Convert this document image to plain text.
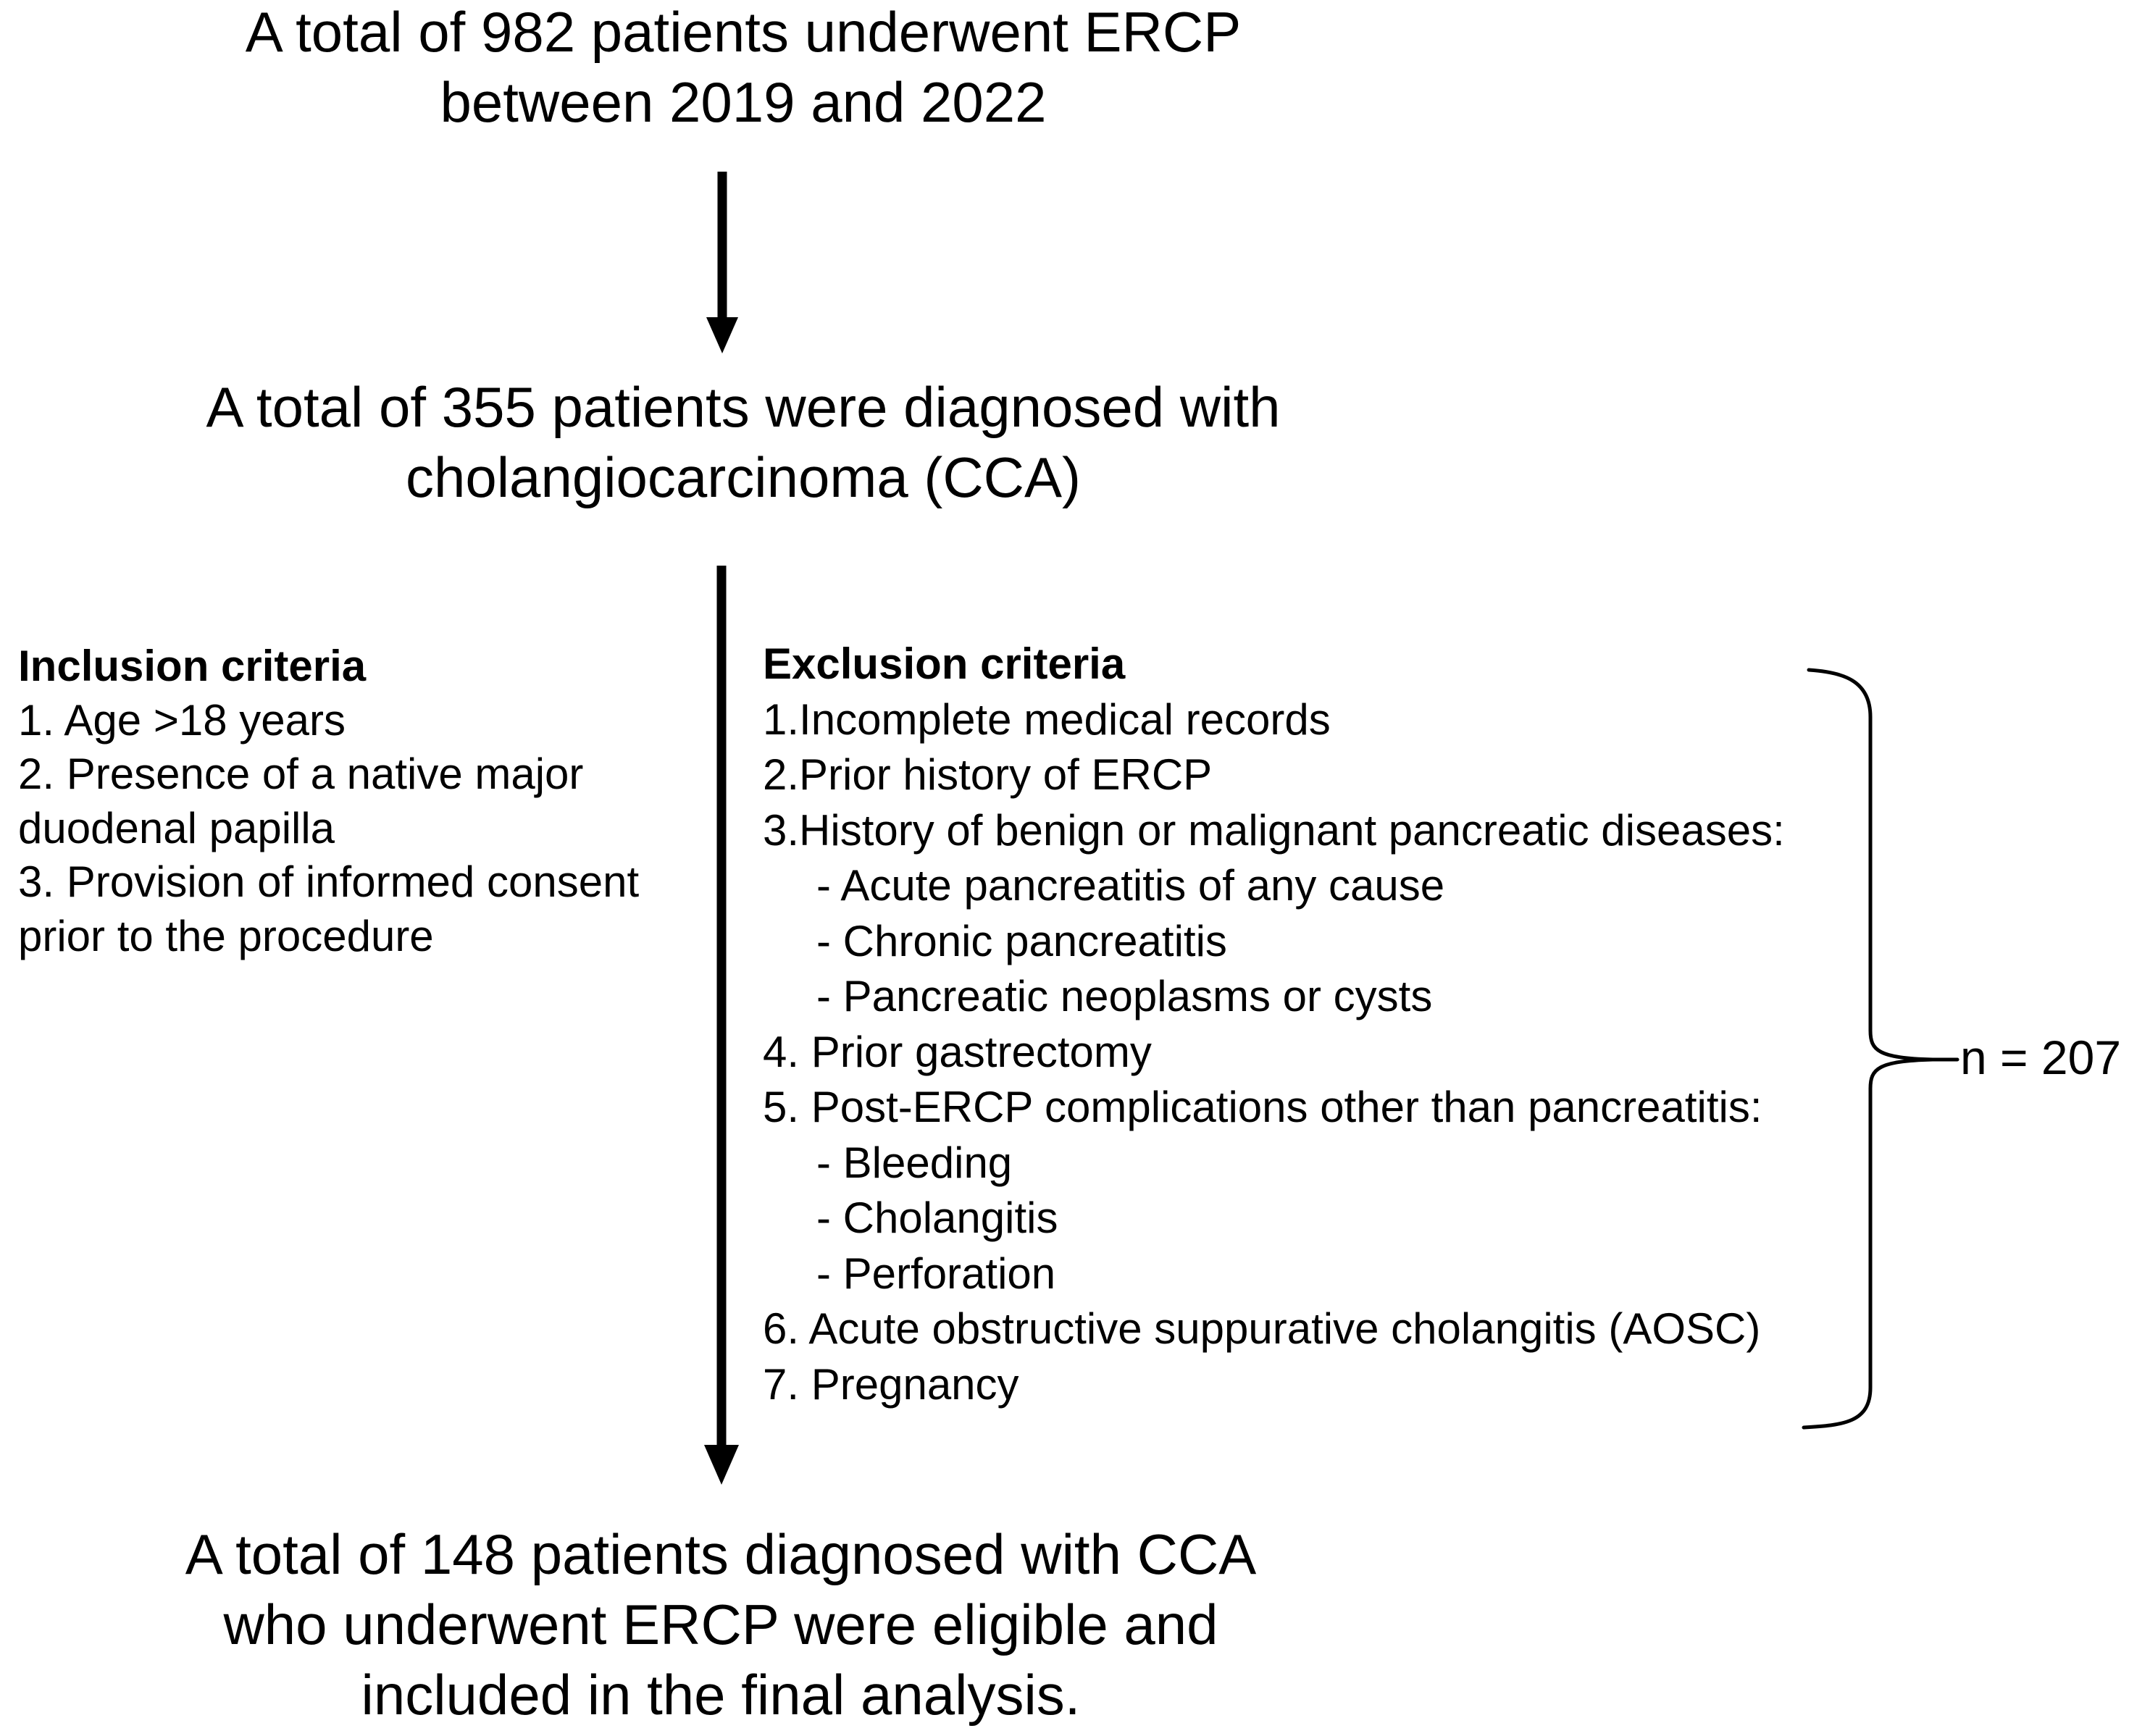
A total of 982 patients underwent ERCP
between 2019 and 2022
A total of 355 patients were diagnosed with
cholangiocarcinoma (CCA)
Inclusion criteria
1. Age >18 years
2. Presence of a native major
duodenal papilla
3. Provision of informed consent
prior to the procedure
Exclusion criteria
1.Incomplete medical records
2.Prior history of ERCP
3.History of benign or malignant pancreatic diseases:
- Acute pancreatitis of any cause
- Chronic pancreatitis
- Pancreatic neoplasms or cysts
4. Prior gastrectomy
5. Post-ERCP complications other than pancreatitis:
- Bleeding
- Cholangitis
- Perforation
6. Acute obstructive suppurative cholangitis (AOSC)
7. Pregnancy
n = 207
A total of 148 patients diagnosed with CCA
who underwent ERCP were eligible and
included in the final analysis.
